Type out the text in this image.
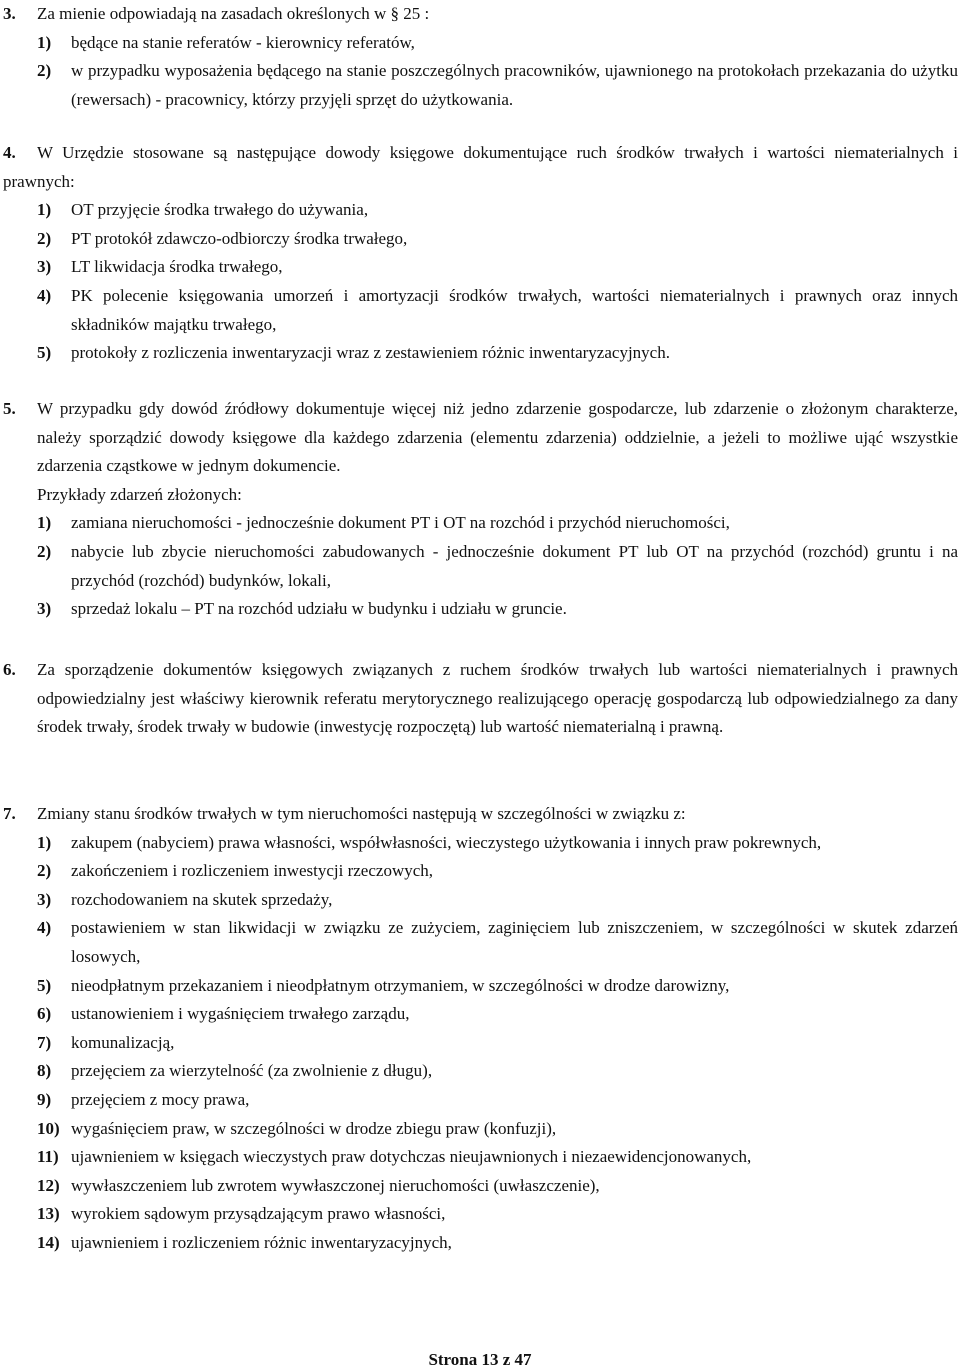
3.	Za mienie odpowiadają na zasadach określonych w § 25 :
1) będące na stanie referatów - kierownicy referatów,
2) w przypadku wyposażenia będącego na stanie poszczególnych pracowników, ujawnionego na protokołach przekazania do użytku (rewersach) - pracownicy, którzy przyjęli sprzęt do użytkowania.
4. W Urzędzie stosowane są następujące dowody księgowe dokumentujące ruch środków trwałych i wartości niematerialnych i prawnych:
1) OT przyjęcie środka trwałego do używania,
2) PT protokół zdawczo-odbiorczy środka trwałego,
3) LT likwidacja środka trwałego,
4) PK polecenie księgowania umorzeń i amortyzacji środków trwałych, wartości niematerialnych i prawnych oraz innych składników majątku trwałego,
5) protokoły z rozliczenia inwentaryzacji wraz z zestawieniem różnic inwentaryzacyjnych.
5.	W przypadku gdy dowód źródłowy dokumentuje więcej niż jedno zdarzenie gospodarcze, lub zdarzenie o złożonym charakterze, należy sporządzić dowody księgowe dla każdego zdarzenia (elementu zdarzenia) oddzielnie, a jeżeli to możliwe ująć wszystkie zdarzenia cząstkowe w jednym dokumencie.
Przykłady zdarzeń złożonych:
1) zamiana nieruchomości - jednocześnie dokument PT i OT na rozchód i przychód nieruchomości,
2) nabycie lub zbycie nieruchomości zabudowanych - jednocześnie dokument PT lub OT na przychód (rozchód) gruntu i na przychód (rozchód) budynków, lokali,
3) sprzedaż lokalu – PT na rozchód udziału w budynku i udziału w gruncie.
6.	Za sporządzenie dokumentów księgowych związanych z ruchem środków trwałych lub wartości niematerialnych i prawnych odpowiedzialny jest właściwy kierownik referatu merytorycznego realizującego operację gospodarczą lub odpowiedzialnego za dany środek trwały, środek trwały w budowie (inwestycję rozpoczętą) lub wartość niematerialną i prawną.
7.	Zmiany stanu środków trwałych w tym nieruchomości następują w szczególności w związku z:
1) zakupem (nabyciem) prawa własności, współwłasności, wieczystego użytkowania i innych praw pokrewnych,
2) zakończeniem i rozliczeniem inwestycji rzeczowych,
3) rozchodowaniem na skutek sprzedaży,
4) postawieniem w stan likwidacji w związku ze zużyciem, zaginięciem lub zniszczeniem, w szczególności w skutek zdarzeń losowych,
5) nieodpłatnym przekazaniem i nieodpłatnym otrzymaniem, w szczególności w drodze darowizny,
6) ustanowieniem i wygaśnięciem trwałego zarządu,
7) komunalizacją,
8) przejęciem za wierzytelność (za zwolnienie z długu),
9) przejęciem z mocy prawa,
10) wygaśnięciem praw, w szczególności w drodze zbiegu praw (konfuzji),
11) ujawnieniem w księgach wieczystych praw dotychczas nieujawnionych i niezaewidencjonowanych,
12) wywłaszczeniem lub zwrotem wywłaszczonej nieruchomości (uwłaszczenie),
13) wyrokiem sądowym przysądzającym prawo własności,
14) ujawnieniem i rozliczeniem różnic inwentaryzacyjnych,
Strona 13 z 47
